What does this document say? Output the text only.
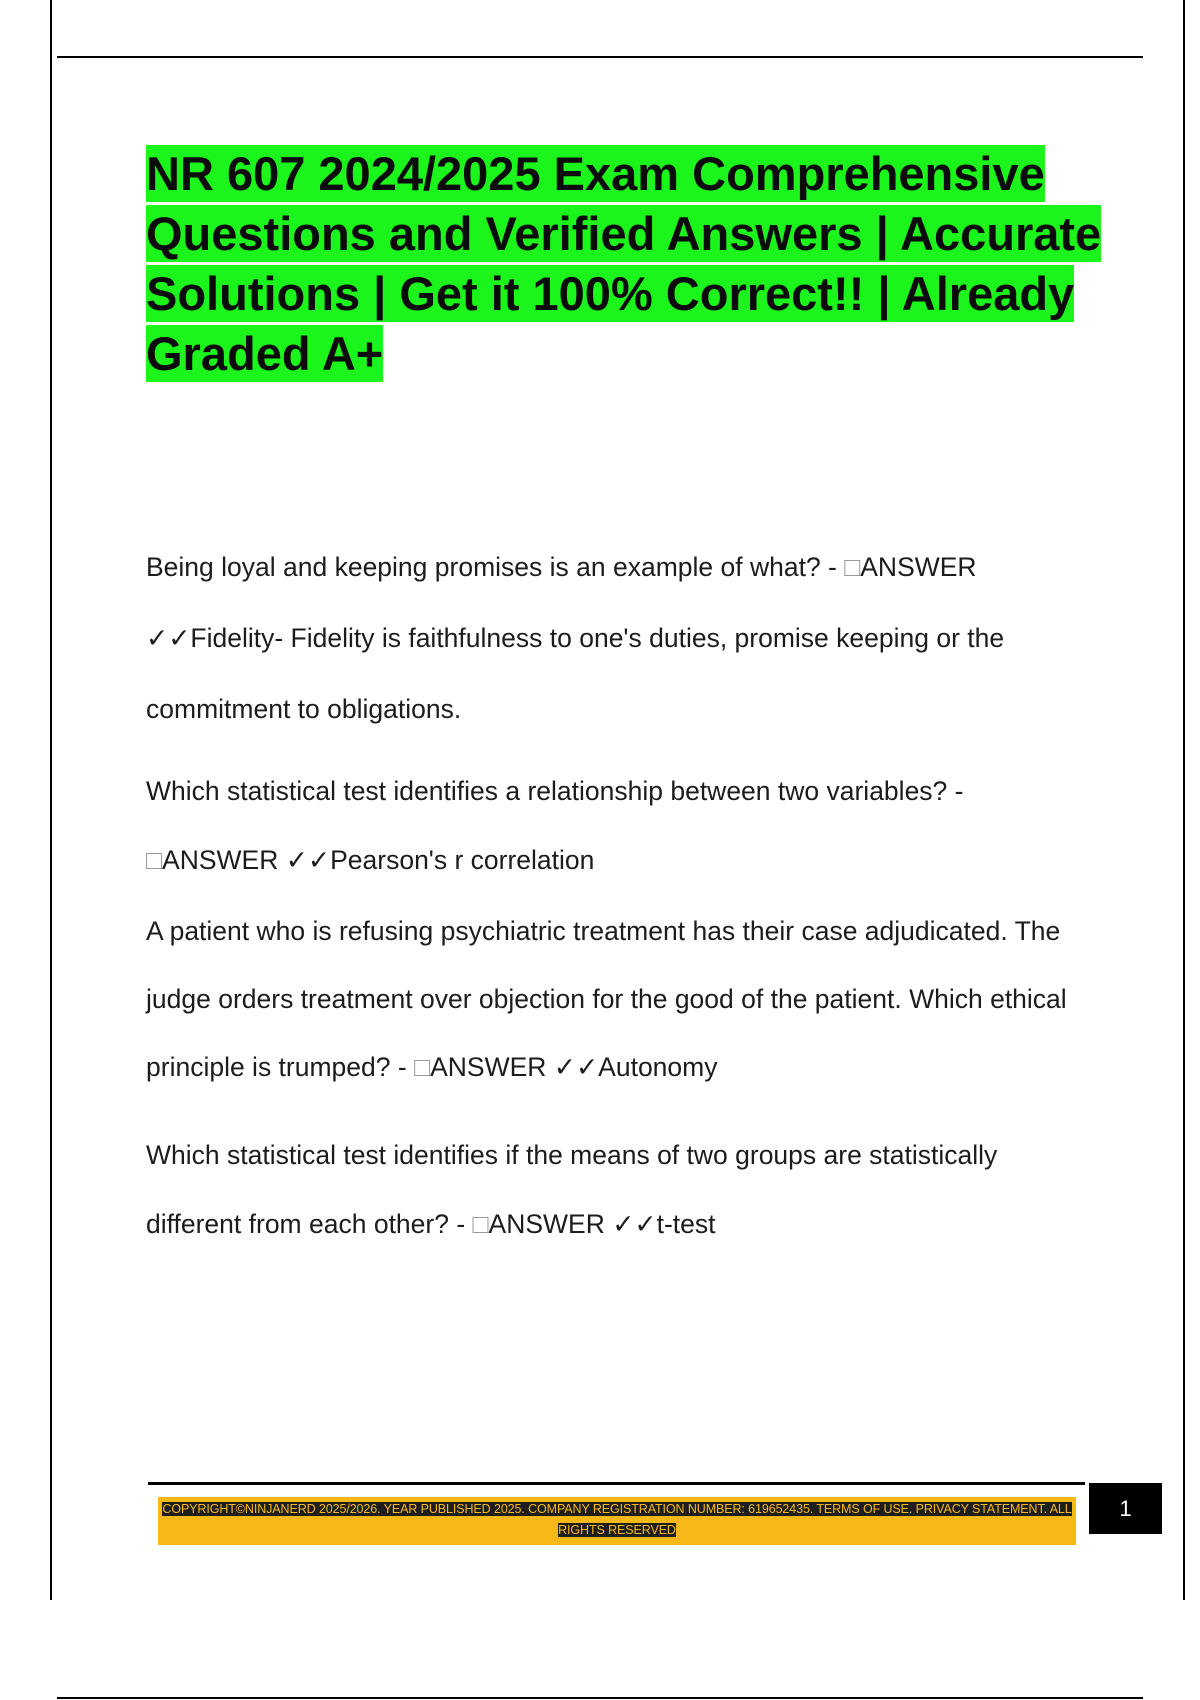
NR 607 2024/2025 Exam Comprehensive Questions and Verified Answers | Accurate Solutions | Get it 100% Correct!! | Already Graded A+

Being loyal and keeping promises is an example of what? - □ANSWER ✓✓Fidelity- Fidelity is faithfulness to one's duties, promise keeping or the commitment to obligations.

Which statistical test identifies a relationship between two variables? - □ANSWER ✓✓Pearson's r correlation

A patient who is refusing psychiatric treatment has their case adjudicated. The judge orders treatment over objection for the good of the patient. Which ethical principle is trumped? - □ANSWER ✓✓Autonomy

Which statistical test identifies if the means of two groups are statistically different from each other? - □ANSWER ✓✓t-test

COPYRIGHT©NINJANERD 2025/2026. YEAR PUBLISHED 2025. COMPANY REGISTRATION NUMBER: 619652435. TERMS OF USE. PRIVACY STATEMENT. ALL RIGHTS RESERVED
1
